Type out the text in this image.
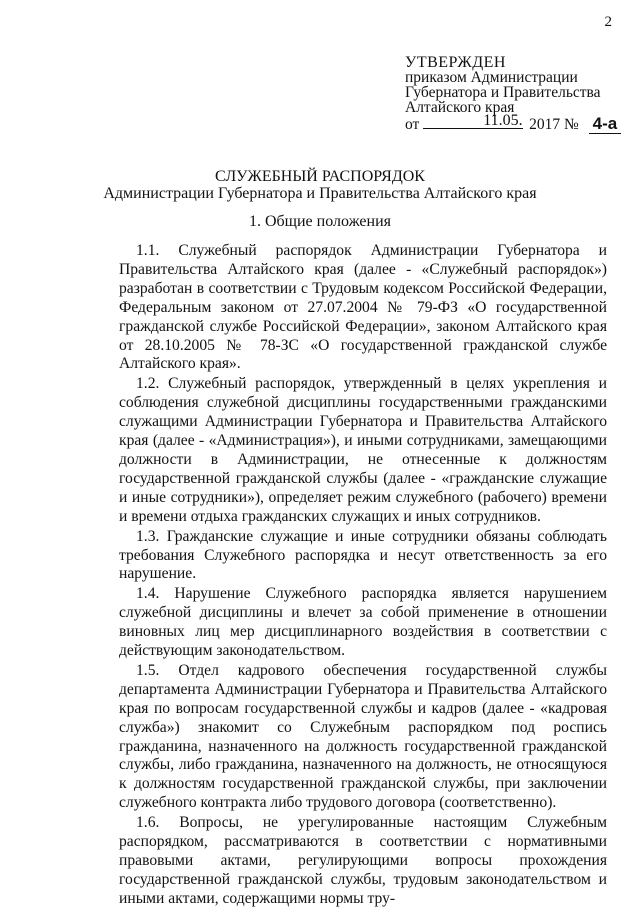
2
УТВЕРЖДЕН
приказом Администрации
Губернатора и Правительства
Алтайского края
от	11.05. 2017 № 4-а
СЛУЖЕБНЫЙ РАСПОРЯДОК
Администрации Губернатора и Правительства Алтайского края
1. Общие положения

1.1. Служебный распорядок Администрации Губернатора и Правительства Алтайского края (далее - «Служебный распорядок») разработан в соответствии с Трудовым кодексом Российской Федерации, Федеральным законом от 27.07.2004 № 79-ФЗ «О государственной гражданской службе Российской Федерации», законом Алтайского края от 28.10.2005 № 78-ЗС «О государственной гражданской службе Алтайского края».

1.2. Служебный распорядок, утвержденный в целях укрепления и соблюдения служебной дисциплины государственными гражданскими служащими Администрации Губернатора и Правительства Алтайского края (далее - «Администрация»), и иными сотрудниками, замещающими должности в Администрации, не отнесенные к должностям государственной гражданской службы (далее - «гражданские служащие и иные сотрудники»), определяет режим служебного (рабочего) времени и времени отдыха гражданских служащих и иных сотрудников.

1.3. Гражданские служащие и иные сотрудники обязаны соблюдать требования Служебного распорядка и несут ответственность за его нарушение.

1.4. Нарушение Служебного распорядка является нарушением служебной дисциплины и влечет за собой применение в отношении виновных лиц мер дисциплинарного воздействия в соответствии с действующим законодательством.

1.5. Отдел кадрового обеспечения государственной службы департамента Администрации Губернатора и Правительства Алтайского края по вопросам государственной службы и кадров (далее - «кадровая служба») знакомит со Служебным распорядком под роспись гражданина, назначенного на должность государственной гражданской службы, либо гражданина, назначенного на должность, не относящуюся к должностям государственной гражданской службы, при заключении служебного контракта либо трудового договора (соответственно).

1.6. Вопросы, не урегулированные настоящим Служебным распорядком, рассматриваются в соответствии с нормативными правовыми актами, регулирующими вопросы прохождения государственной гражданской службы, трудовым законодательством и иными актами, содержащими нормы тру-
